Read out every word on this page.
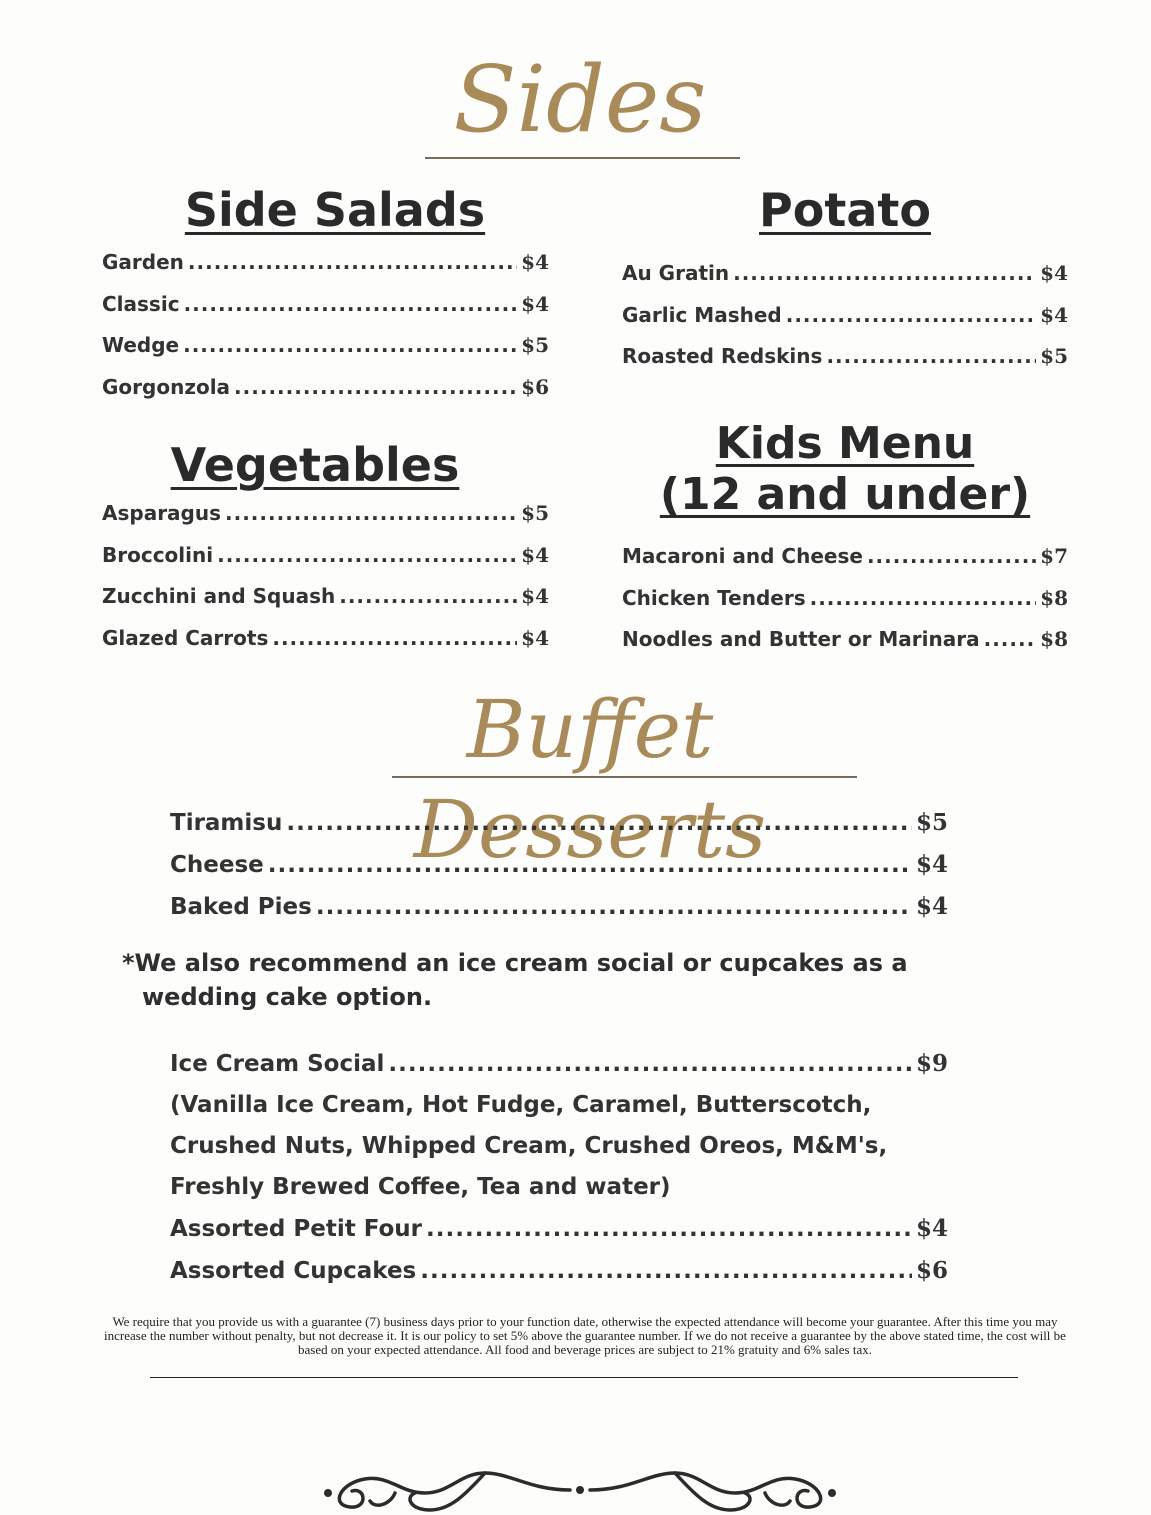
Sides
Side Salads
Garden .....	$4
Classic .....	$4
Wedge .....	$5
Gorgonzola .....	$6
Potato
Au Gratin .....	$4
Garlic Mashed .....	$4
Roasted Redskins .....	$5
Vegetables
Asparagus .....	$5
Broccolini .....	$4
Zucchini and Squash .....	$4
Glazed Carrots .....	$4
Kids Menu
(12 and under)
Macaroni and Cheese .....	$7
Chicken Tenders .....	$8
Noodles and Butter or Marinara .....	$8
Buffet Desserts
Tiramisu .....	$5
Cheese .....	$4
Baked Pies .....	$4
*We also recommend an ice cream social or cupcakes as a
wedding cake option.
Ice Cream Social .....	$9
(Vanilla Ice Cream, Hot Fudge, Caramel, Butterscotch,
Crushed Nuts, Whipped Cream, Crushed Oreos, M&M's,
Freshly Brewed Coffee, Tea and water)
Assorted Petit Four .....	$4
Assorted Cupcakes .....	$6
We require that you provide us with a guarantee (7) business days prior to your function date, otherwise the expected attendance will become your guarantee. After this time you may increase the number without penalty, but not decrease it. It is our policy to set 5% above the guarantee number. If we do not receive a guarantee by the above stated time, the cost will be based on your expected attendance. All food and beverage prices are subject to 21% gratuity and 6% sales tax.
